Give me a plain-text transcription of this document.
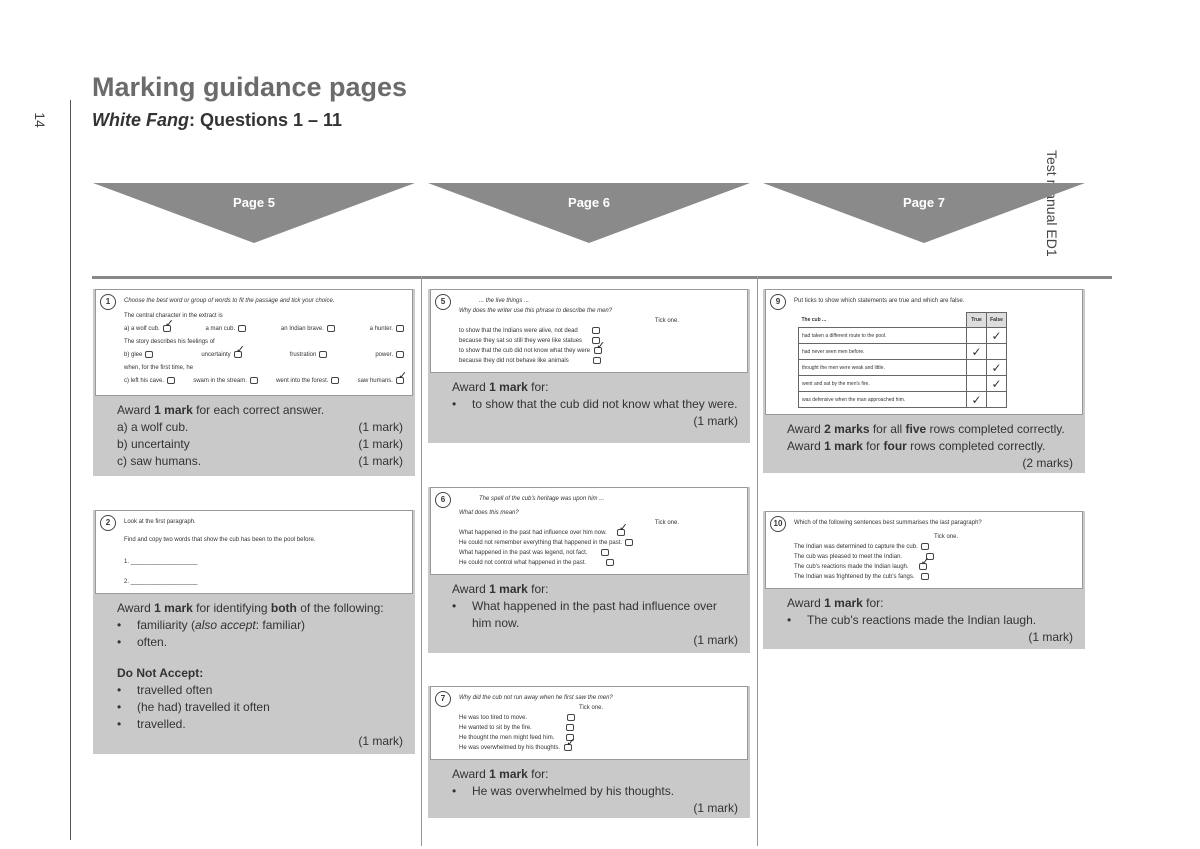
14
Test manual ED1
Marking guidance pages
White Fang: Questions 1 – 11
Page 5
1	Choose the best word or group of words to fit the passage and tick your choice.
The central character in the extract is
a) a wolf cub. ✓	a man cub.	an Indian brave.	a hunter.
The story describes his feelings of
b) glee	uncertainty ✓	frustration	power.
when, for the first time, he
c) left his cave.	swam in the stream.	went into the forest.	saw humans.✓
Award 1 mark for each correct answer.
a) a wolf cub.	(1 mark)
b) uncertainty	(1 mark)
c) saw humans.	(1 mark)
2	Look at the first paragraph.
Find and copy two words that show the cub has been to the pool before.
1. ____________________
2. ____________________
Award 1 mark for identifying both of the following:
• familiarity (also accept: familiar)
• often.
Do Not Accept:
• travelled often
• (he had) travelled it often
• travelled.
(1 mark)
Page 6
5	... the live things ...
Why does the writer use this phrase to describe the men?
Tick one.
to show that the Indians were alive, not dead
because they sat so still they were like statues
to show that the cub did not know what they were✓
because they did not behave like animals
Award 1 mark for:
• to show that the cub did not know what they were.
(1 mark)
6	The spell of the cub's heritage was upon him ...
What does this mean?
Tick one.
What happened in the past had influence over him now.✓
He could not remember everything that happened in the past.
What happened in the past was legend, not fact.
He could not control what happened in the past.
Award 1 mark for:
• What happened in the past had influence over him now.
(1 mark)
7	Why did the cub not run away when he first saw the men?
Tick one.
He was too tired to move.
He wanted to sit by the fire.
He thought the men might feed him.
He was overwhelmed by his thoughts.✓
Award 1 mark for:
• He was overwhelmed by his thoughts.
(1 mark)
Page 7
9	Put ticks to show which statements are true and which are false.
The cub ...	True	False
had taken a different route to the pool.		✓
had never seen men before.	✓	
thought the men were weak and little.		✓
went and sat by the men's fire.		✓
was defensive when the man approached him.	✓	
Award 2 marks for all five rows completed correctly.
Award 1 mark for four rows completed correctly.
(2 marks)
10	Which of the following sentences best summarises the last paragraph?
Tick one.
The Indian was determined to capture the cub.
The cub was pleased to meet the Indian.
The cub's reactions made the Indian laugh.✓
The Indian was frightened by the cub's fangs.
Award 1 mark for:
• The cub's reactions made the Indian laugh.
(1 mark)
